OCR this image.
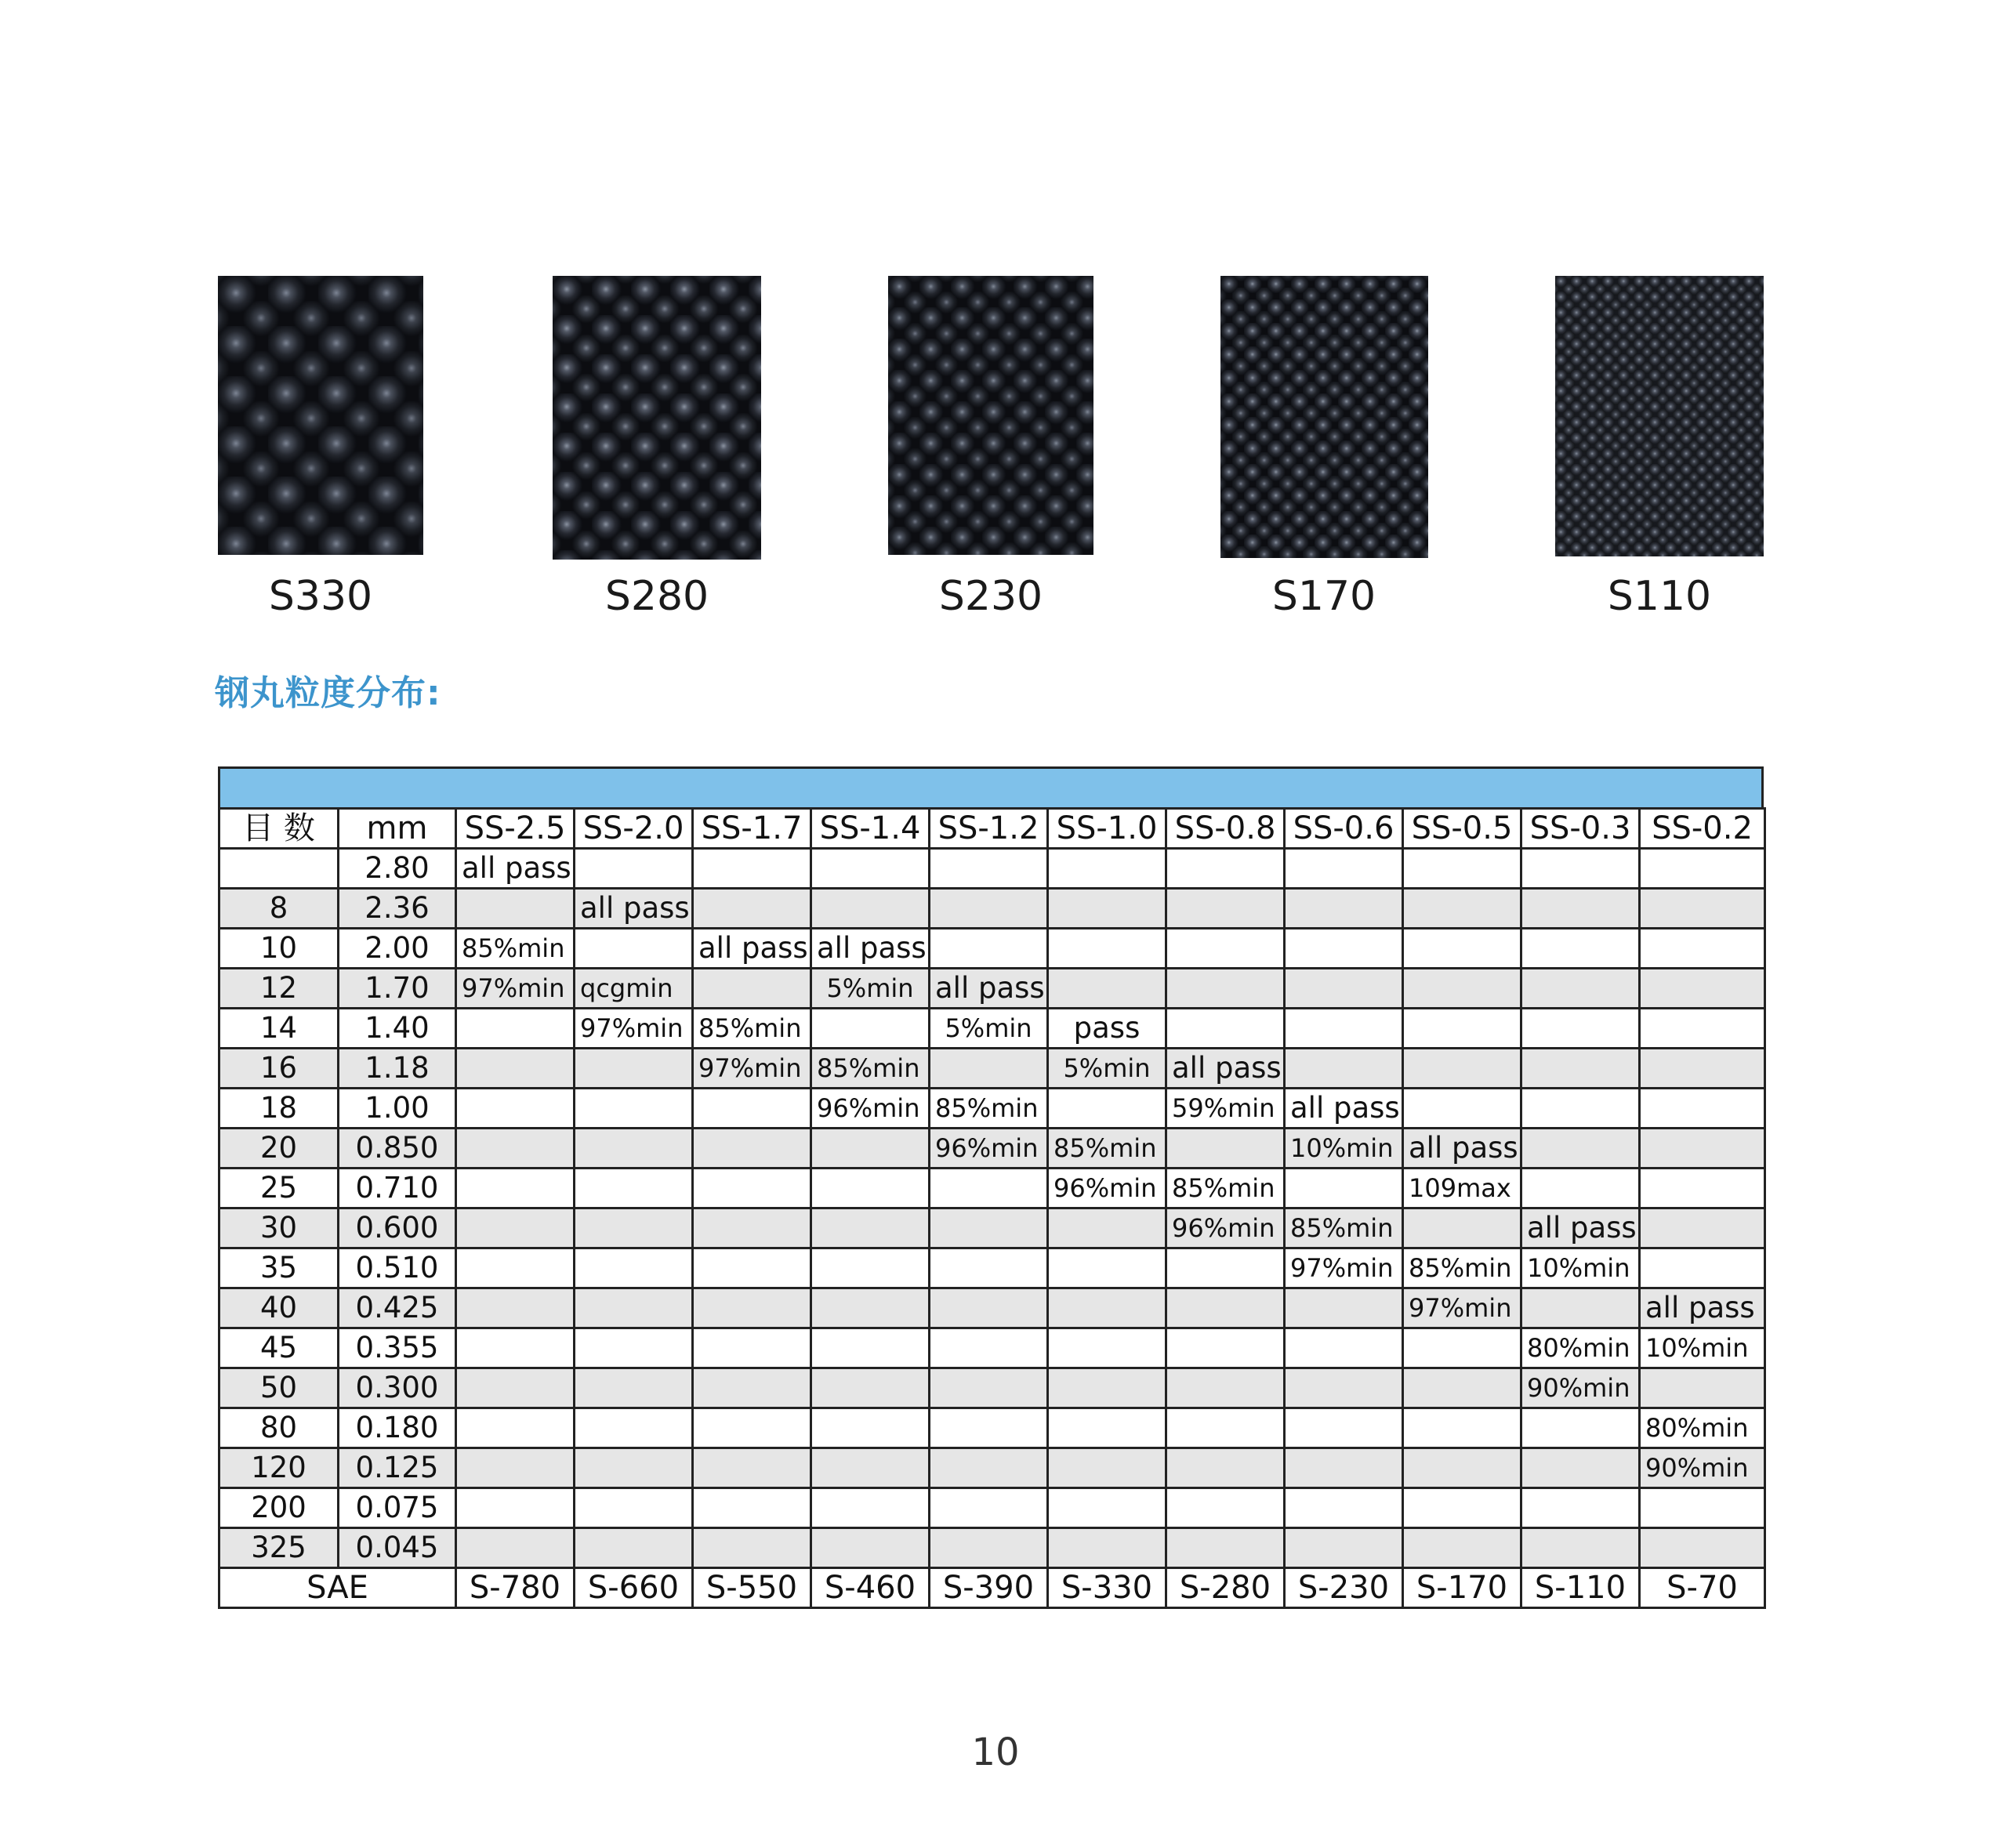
S330	S280	S230	S170	S110
钢丸粒度分布:
目 数	mm	SS-2.5	SS-2.0	SS-1.7	SS-1.4	SS-1.2	SS-1.0	SS-0.8	SS-0.6	SS-0.5	SS-0.3	SS-0.2
	2.80	all pass										
8	2.36		all pass									
10	2.00	85%min		all pass	all pass							
12	1.70	97%min	qcgmin		5%min	all pass						
14	1.40		97%min	85%min		5%min	pass					
16	1.18			97%min	85%min		5%min	all pass				
18	1.00				96%min	85%min		59%min	all pass			
20	0.850					96%min	85%min		10%min	all pass		
25	0.710						96%min	85%min		109max		
30	0.600							96%min	85%min		all pass	
35	0.510								97%min	85%min	10%min	
40	0.425									97%min		all pass
45	0.355										80%min	10%min
50	0.300										90%min	
80	0.180											80%min
120	0.125											90%min
200	0.075											
325	0.045											
SAE		S-780	S-660	S-550	S-460	S-390	S-330	S-280	S-230	S-170	S-110	S-70
10
